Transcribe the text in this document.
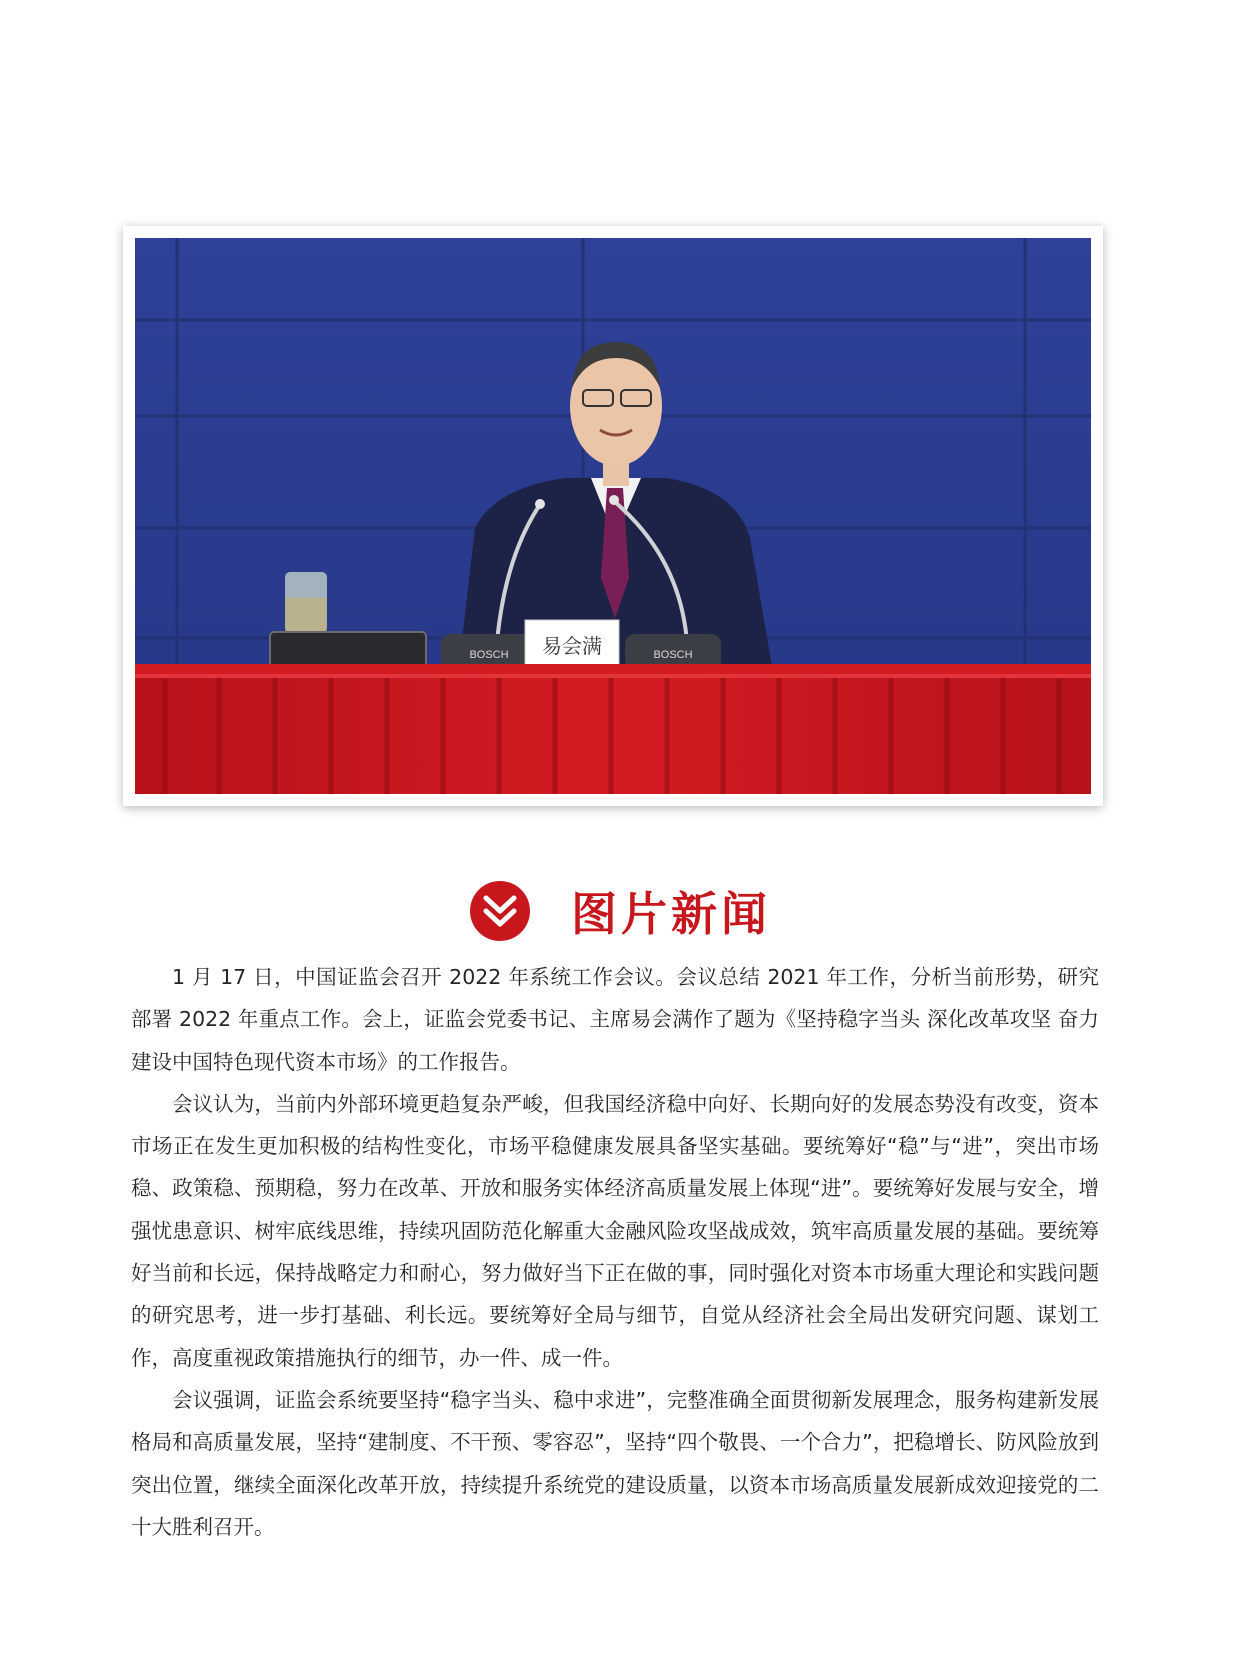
BOSCH	BOSCH
易会满
图片新闻

1 月 17 日，中国证监会召开 2022 年系统工作会议。会议总结 2021 年工作，分析当前形势，研究部署 2022 年重点工作。会上，证监会党委书记、主席易会满作了题为《坚持稳字当头 深化改革攻坚 奋力建设中国特色现代资本市场》的工作报告。

会议认为，当前内外部环境更趋复杂严峻，但我国经济稳中向好、长期向好的发展态势没有改变，资本市场正在发生更加积极的结构性变化，市场平稳健康发展具备坚实基础。要统筹好“稳”与“进”，突出市场稳、政策稳、预期稳，努力在改革、开放和服务实体经济高质量发展上体现“进”。要统筹好发展与安全，增强忧患意识、树牢底线思维，持续巩固防范化解重大金融风险攻坚战成效，筑牢高质量发展的基础。要统筹好当前和长远，保持战略定力和耐心，努力做好当下正在做的事，同时强化对资本市场重大理论和实践问题的研究思考，进一步打基础、利长远。要统筹好全局与细节，自觉从经济社会全局出发研究问题、谋划工作，高度重视政策措施执行的细节，办一件、成一件。

会议强调，证监会系统要坚持“稳字当头、稳中求进”，完整准确全面贯彻新发展理念，服务构建新发展格局和高质量发展，坚持“建制度、不干预、零容忍”，坚持“四个敬畏、一个合力”，把稳增长、防风险放到突出位置，继续全面深化改革开放，持续提升系统党的建设质量，以资本市场高质量发展新成效迎接党的二十大胜利召开。
